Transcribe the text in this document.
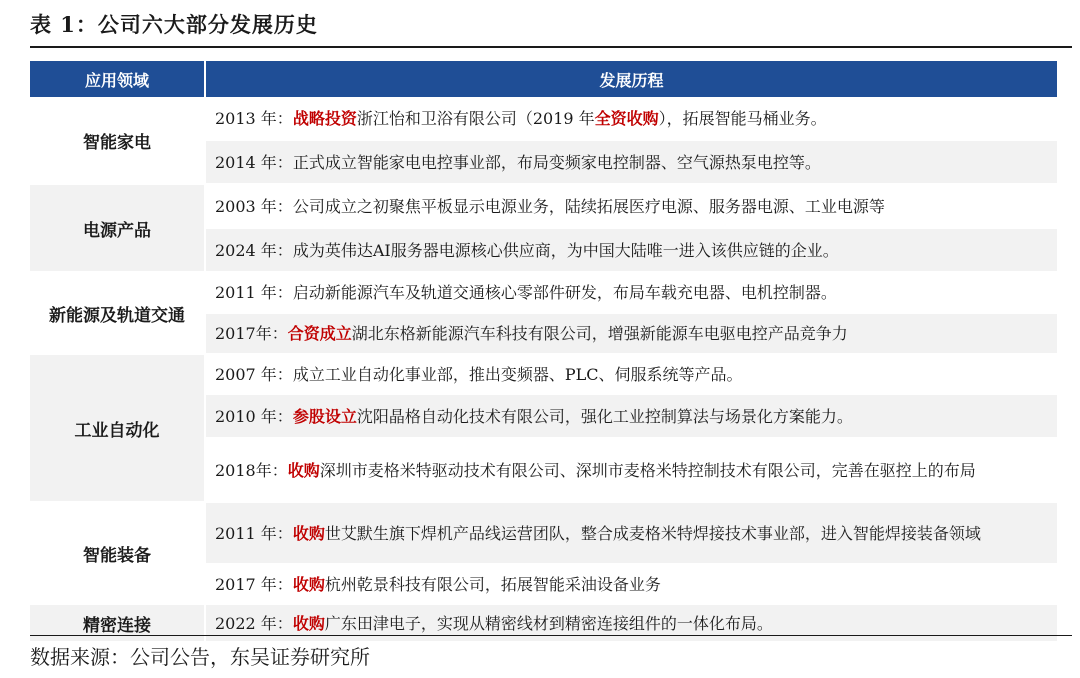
表 1：公司六大部分发展历史
应用领域	发展历程
智能家电	2013 年：战略投资浙江怡和卫浴有限公司（2019 年全资收购），拓展智能马桶业务。
	2014 年：正式成立智能家电电控事业部，布局变频家电控制器、空气源热泵电控等。
电源产品	2003 年：公司成立之初聚焦平板显示电源业务，陆续拓展医疗电源、服务器电源、工业电源等
	2024 年：成为英伟达AI服务器电源核心供应商，为中国大陆唯一进入该供应链的企业。
新能源及轨道交通	2011 年：启动新能源汽车及轨道交通核心零部件研发，布局车载充电器、电机控制器。
	2017年：合资成立湖北东格新能源汽车科技有限公司，增强新能源车电驱电控产品竞争力
工业自动化	2007 年：成立工业自动化事业部，推出变频器、PLC、伺服系统等产品。
	2010 年：参股设立沈阳晶格自动化技术有限公司，强化工业控制算法与场景化方案能力。
	2018年：收购深圳市麦格米特驱动技术有限公司、深圳市麦格米特控制技术有限公司，完善在驱控上的布局
智能装备	2011 年：收购世艾默生旗下焊机产品线运营团队，整合成麦格米特焊接技术事业部，进入智能焊接装备领域
	2017 年：收购杭州乾景科技有限公司，拓展智能采油设备业务
精密连接	2022 年：收购广东田津电子，实现从精密线材到精密连接组件的一体化布局。
数据来源：公司公告，东吴证券研究所
